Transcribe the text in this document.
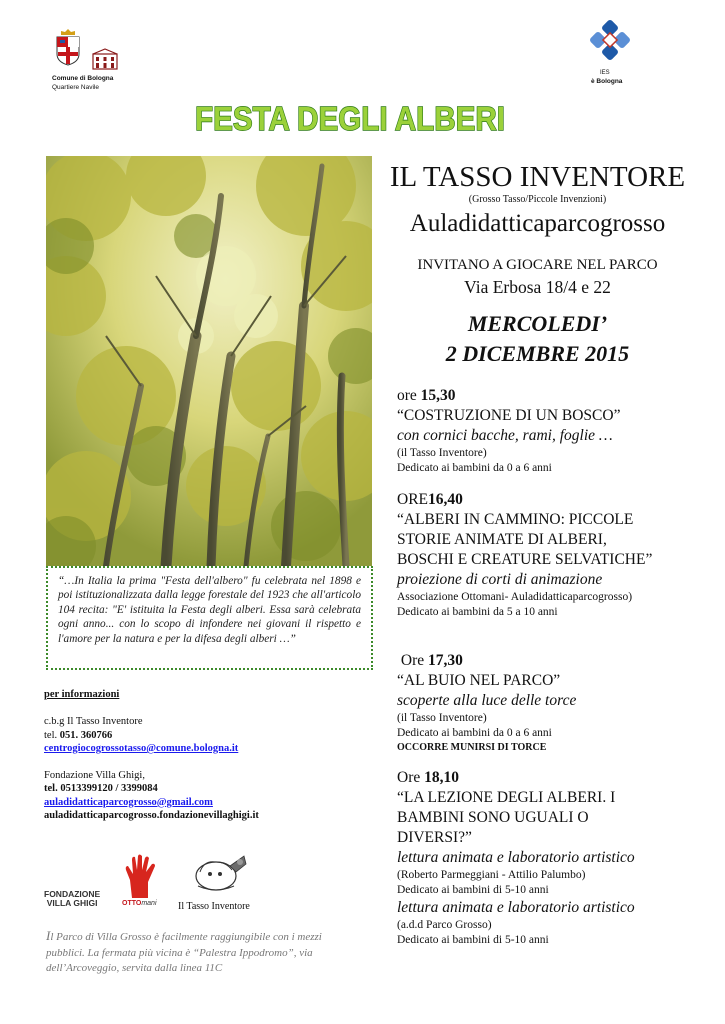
Comune di Bologna
Quartiere Navile
IES
è Bologna
FESTA DEGLI ALBERI
“…In Italia la prima "Festa dell'albero" fu celebrata nel 1898 e poi istituzionalizzata dalla legge forestale del 1923 che all'articolo 104 recita: "E' istituita la Festa degli alberi. Essa sarà celebrata ogni anno... con lo scopo di infondere nei giovani il rispetto e l'amore per la natura e per la difesa degli alberi …”
per informazioni
c.b.g Il Tasso Inventore
tel. 051. 360766
centrogiocogrossotasso@comune.bologna.it
Fondazione Villa Ghigi,
tel. 0513399120 / 3399084
auladidatticaparcogrosso@gmail.com
auladidatticaparcogrosso.fondazionevillaghigi.it
FONDAZIONE
VILLA GHIGI	OTTOmani Il Tasso Inventore
Il Parco di Villa Grosso è facilmente raggiungibile con i mezzi pubblici. La fermata più vicina è “Palestra Ippodromo”, via dell’Arcoveggio, servita dalla linea 11C
IL TASSO INVENTORE
(Grosso Tasso/Piccole Invenzioni)
Auladidatticaparcogrosso
INVITANO A GIOCARE NEL PARCO
Via Erbosa 18/4 e 22
MERCOLEDI’
2 DICEMBRE 2015
ore 15,30
“COSTRUZIONE DI UN BOSCO”
con cornici bacche, rami, foglie …
(il Tasso Inventore)
Dedicato ai bambini da 0 a 6 anni
ORE16,40
“ALBERI IN CAMMINO: PICCOLE STORIE ANIMATE DI ALBERI, BOSCHI E CREATURE SELVATICHE”
proiezione di corti di animazione
Associazione Ottomani- Auladidatticaparcogrosso)
Dedicato ai bambini da 5 a 10 anni
Ore 17,30
“AL BUIO NEL PARCO”
scoperte alla luce delle torce
(il Tasso Inventore)
Dedicato ai bambini da 0 a 6 anni
OCCORRE MUNIRSI DI TORCE
Ore 18,10
“LA LEZIONE DEGLI ALBERI. I BAMBINI SONO UGUALI O DIVERSI?”
lettura animata e laboratorio artistico
(Roberto Parmeggiani - Attilio Palumbo)
Dedicato ai bambini di 5-10 anni
lettura animata e laboratorio artistico
(a.d.d Parco Grosso)
Dedicato ai bambini di 5-10 anni
